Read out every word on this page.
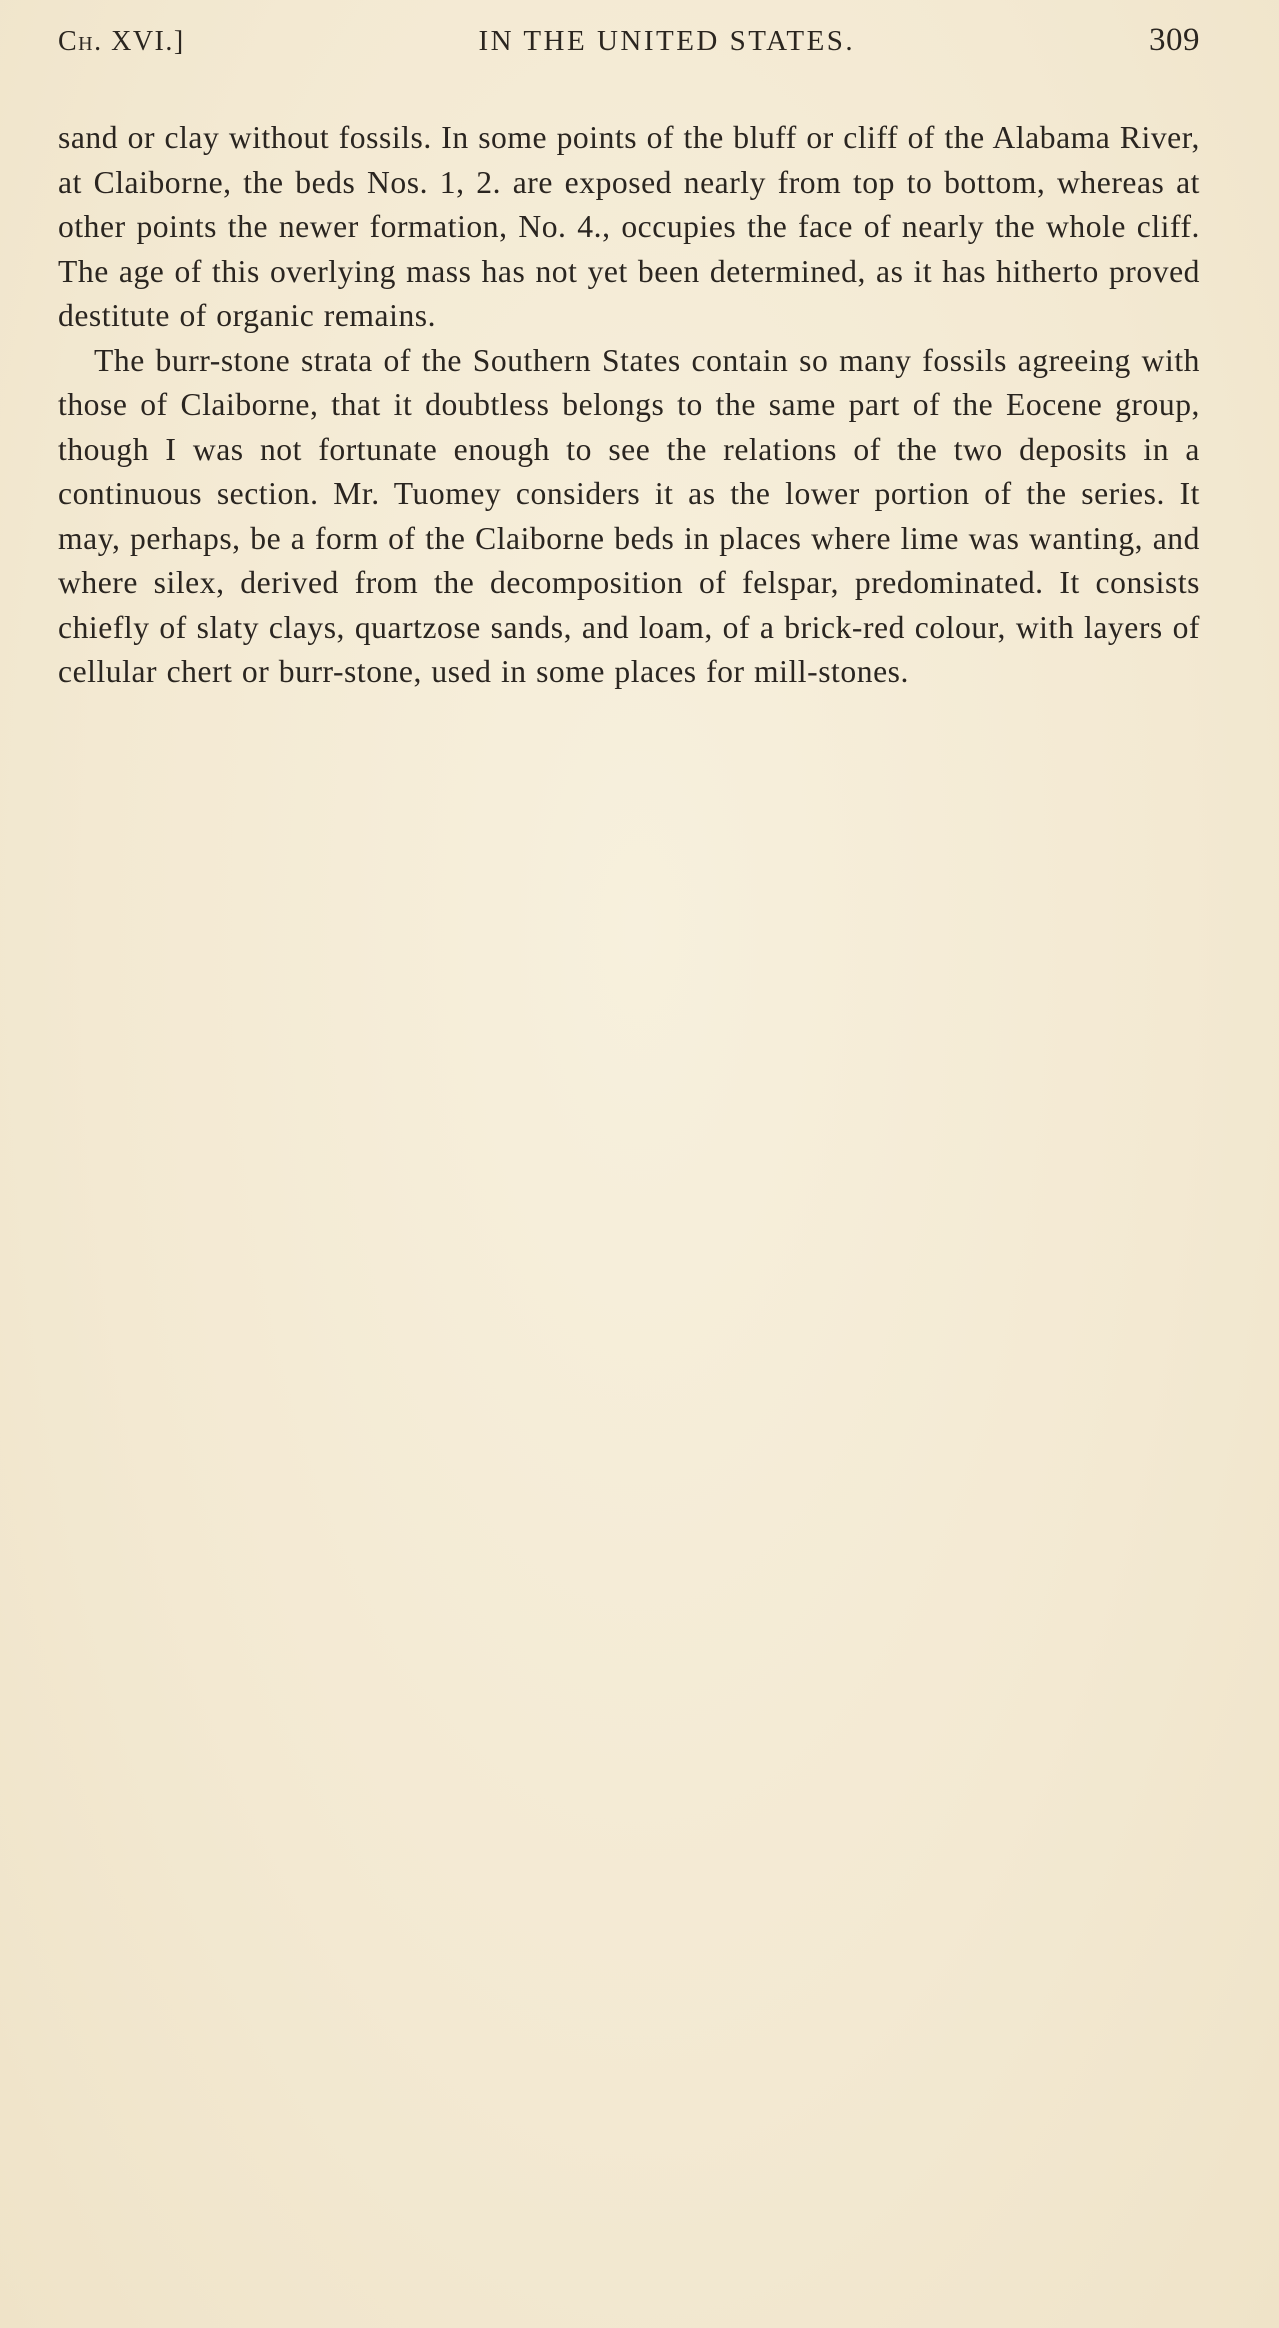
Ch. XVI.]	IN THE UNITED STATES.	309

sand or clay without fossils. In some points of the bluff or cliff of the Alabama River, at Claiborne, the beds Nos. 1, 2. are exposed nearly from top to bottom, whereas at other points the newer formation, No. 4., occupies the face of nearly the whole cliff. The age of this overlying mass has not yet been determined, as it has hitherto proved destitute of organic remains.

The burr-stone strata of the Southern States contain so many fossils agreeing with those of Claiborne, that it doubtless belongs to the same part of the Eocene group, though I was not fortunate enough to see the relations of the two deposits in a continuous section. Mr. Tuomey considers it as the lower portion of the series. It may, perhaps, be a form of the Claiborne beds in places where lime was wanting, and where silex, derived from the decomposition of felspar, predominated. It consists chiefly of slaty clays, quartzose sands, and loam, of a brick-red colour, with layers of cellular chert or burr-stone, used in some places for mill-stones.
